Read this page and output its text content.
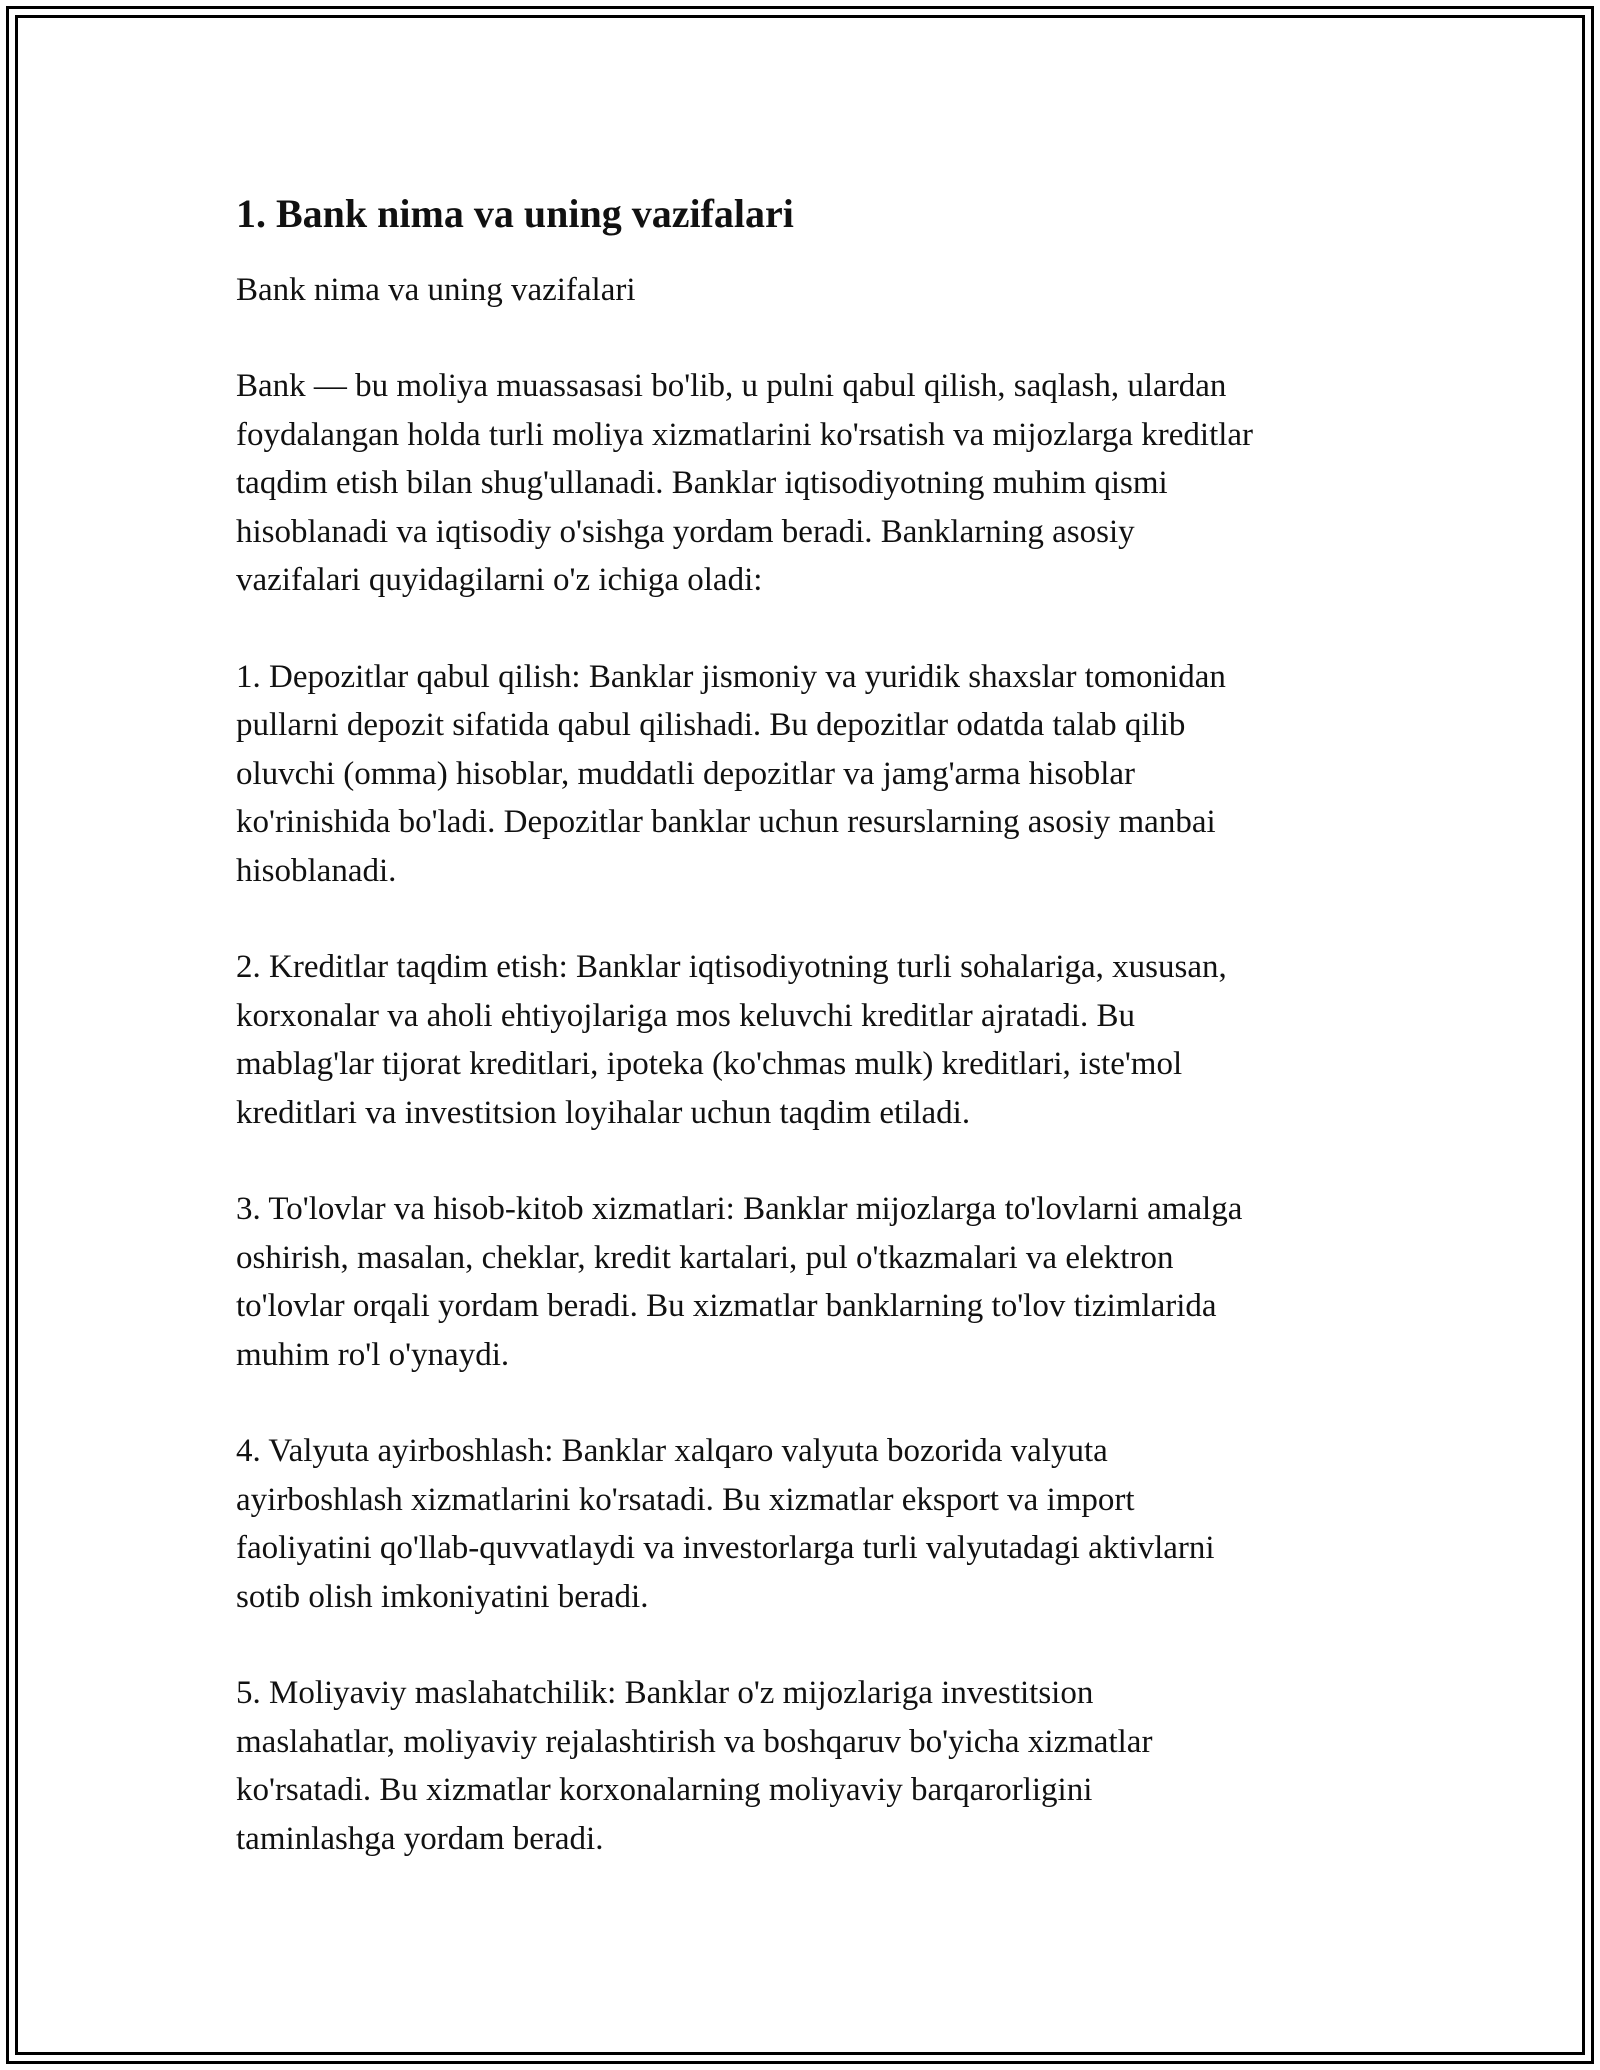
1. Bank nima va uning vazifalari

Bank nima va uning vazifalari

Bank — bu moliya muassasasi bo'lib, u pulni qabul qilish, saqlash, ulardan
foydalangan holda turli moliya xizmatlarini ko'rsatish va mijozlarga kreditlar
taqdim etish bilan shug'ullanadi. Banklar iqtisodiyotning muhim qismi
hisoblanadi va iqtisodiy o'sishga yordam beradi. Banklarning asosiy
vazifalari quyidagilarni o'z ichiga oladi:

1. Depozitlar qabul qilish: Banklar jismoniy va yuridik shaxslar tomonidan
pullarni depozit sifatida qabul qilishadi. Bu depozitlar odatda talab qilib
oluvchi (omma) hisoblar, muddatli depozitlar va jamg'arma hisoblar
ko'rinishida bo'ladi. Depozitlar banklar uchun resurslarning asosiy manbai
hisoblanadi.

2. Kreditlar taqdim etish: Banklar iqtisodiyotning turli sohalariga, xususan,
korxonalar va aholi ehtiyojlariga mos keluvchi kreditlar ajratadi. Bu
mablag'lar tijorat kreditlari, ipoteka (ko'chmas mulk) kreditlari, iste'mol
kreditlari va investitsion loyihalar uchun taqdim etiladi.

3. To'lovlar va hisob-kitob xizmatlari: Banklar mijozlarga to'lovlarni amalga
oshirish, masalan, cheklar, kredit kartalari, pul o'tkazmalari va elektron
to'lovlar orqali yordam beradi. Bu xizmatlar banklarning to'lov tizimlarida
muhim ro'l o'ynaydi.

4. Valyuta ayirboshlash: Banklar xalqaro valyuta bozorida valyuta
ayirboshlash xizmatlarini ko'rsatadi. Bu xizmatlar eksport va import
faoliyatini qo'llab-quvvatlaydi va investorlarga turli valyutadagi aktivlarni
sotib olish imkoniyatini beradi.

5. Moliyaviy maslahatchilik: Banklar o'z mijozlariga investitsion
maslahatlar, moliyaviy rejalashtirish va boshqaruv bo'yicha xizmatlar
ko'rsatadi. Bu xizmatlar korxonalarning moliyaviy barqarorligini
taminlashga yordam beradi.
